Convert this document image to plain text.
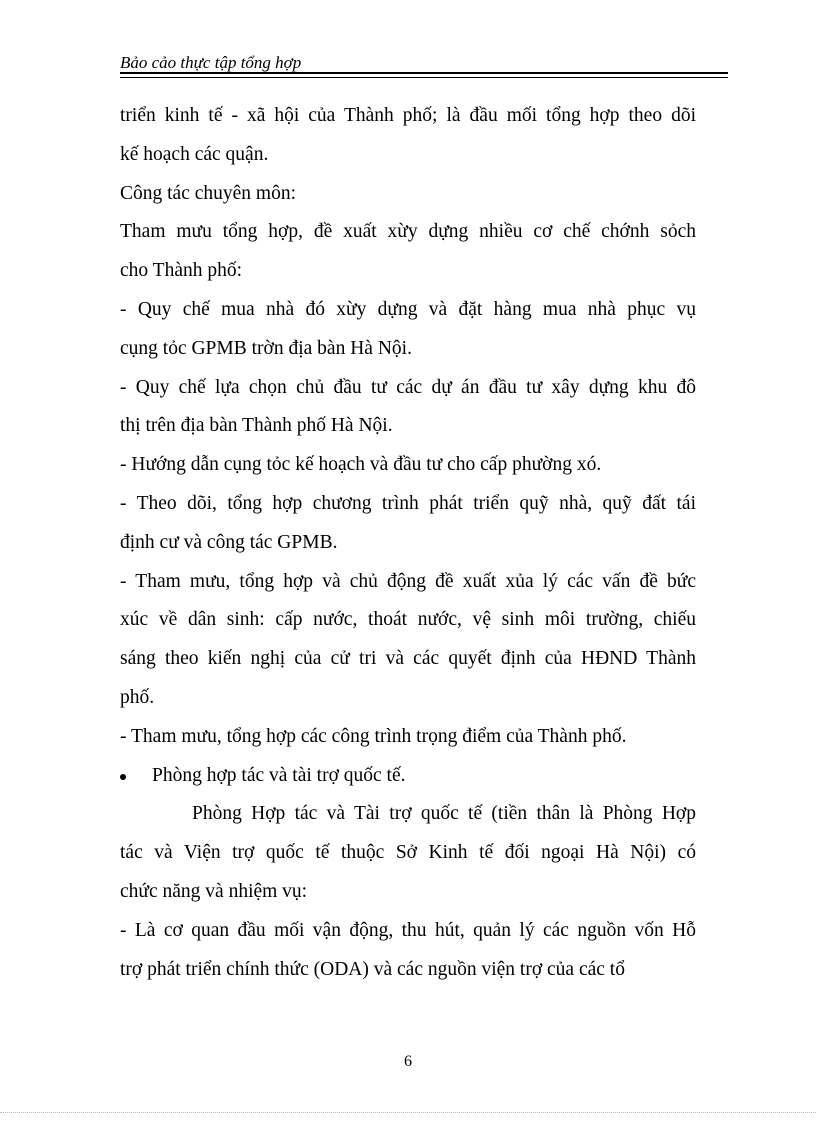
Bảo cảo thực tập tổng hợp
triển kinh tế - xã hội của Thành phố; là đầu mối tổng hợp theo dõi
kế hoạch các quận.
Công tác chuyên môn:
Tham mưu tổng hợp, đề xuất xừy dựng nhiều cơ chế chớnh sỏch
cho Thành phố:
- Quy chế mua nhà đó xừy dựng và đặt hàng mua nhà phục vụ
cụng tỏc GPMB trờn địa bàn Hà Nội.
- Quy chế lựa chọn chủ đầu tư các dự án đầu tư xây dựng khu đô
thị trên địa bàn Thành phố Hà Nội.
- Hướng dẫn cụng tỏc kế hoạch và đầu tư cho cấp phường xó.
- Theo dõi, tổng hợp chương trình phát triển quỹ nhà, quỹ đất tái
định cư và công tác GPMB.
- Tham mưu, tổng hợp và chủ động đề xuất xủa lý các vấn đề bức
xúc về dân sinh: cấp nước, thoát nước, vệ sinh môi trường, chiếu
sáng theo kiến nghị của cử tri và các quyết định của HĐND Thành
phố.
- Tham mưu, tổng hợp các công trình trọng điểm của Thành phố.
Phòng hợp tác và tài trợ quốc tế.
Phòng Hợp tác và Tài trợ quốc tế (tiền thân là Phòng Hợp
tác và Viện trợ quốc tế thuộc Sở Kinh tế đối ngoại Hà Nội) có
chức năng và nhiệm vụ:
- Là cơ quan đầu mối vận động, thu hút, quản lý các nguồn vốn Hỗ
trợ phát triển chính thức (ODA) và các nguồn viện trợ của các tổ
6
